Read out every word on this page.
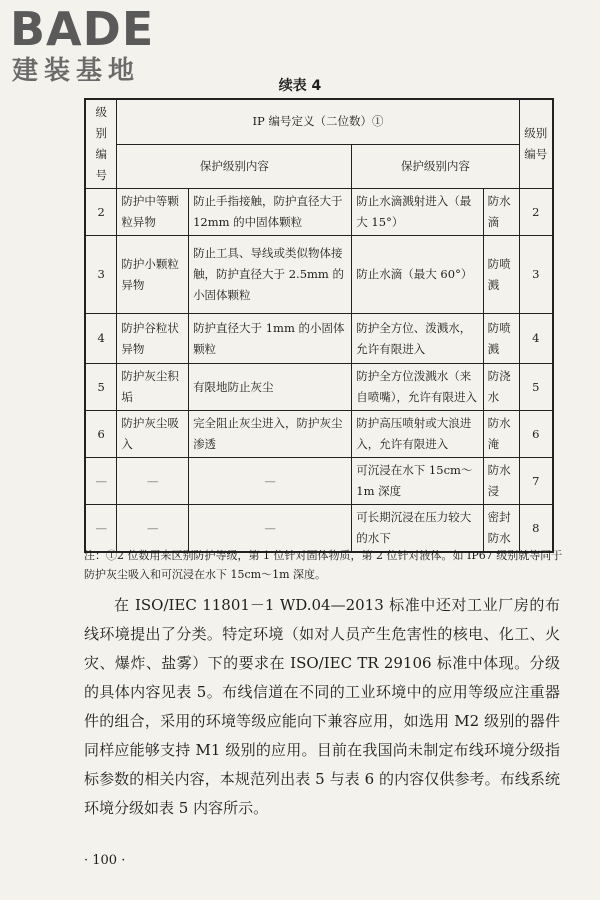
BADE
建装基地	续表 4
级别编号	IP 编号定义（二位数）①				级别编号
	保护级别内容		保护级别内容		
2	防护中等颗粒异物	防止手指接触，防护直径大于 12mm 的中固体颗粒	防止水滴溅射进入（最大 15°）	防水滴	2
3	防护小颗粒异物	防止工具、导线或类似物体接触，防护直径大于 2.5mm 的小固体颗粒	防止水滴（最大 60°）	防喷溅	3
4	防护谷粒状异物	防护直径大于 1mm 的小固体颗粒	防护全方位、泼溅水，允许有限进入	防喷溅	4
5	防护灰尘积垢	有限地防止灰尘	防护全方位泼溅水（来自喷嘴），允许有限进入	防浇水	5
6	防护灰尘吸入	完全阻止灰尘进入，防护灰尘渗透	防护高压喷射或大浪进入，允许有限进入	防水淹	6
—	—	—	可沉浸在水下 15cm～1m 深度	防水浸	7
—	—	—	可长期沉浸在压力较大的水下	密封防水	8
注：①2 位数用来区别防护等级，第 1 位针对固体物质，第 2 位针对液体。如 IP67 级别就等同于防护灰尘吸入和可沉浸在水下 15cm～1m 深度。
在 ISO/IEC 11801－1 WD.04—2013 标准中还对工业厂房的布线环境提出了分类。特定环境（如对人员产生危害性的核电、化工、火灾、爆炸、盐雾）下的要求在 ISO/IEC TR 29106 标准中体现。分级的具体内容见表 5。布线信道在不同的工业环境中的应用等级应注重器件的组合，采用的环境等级应能向下兼容应用，如选用 M2 级别的器件同样应能够支持 M1 级别的应用。目前在我国尚未制定布线环境分级指标参数的相关内容，本规范列出表 5 与表 6 的内容仅供参考。布线系统环境分级如表 5 内容所示。
· 100 ·
